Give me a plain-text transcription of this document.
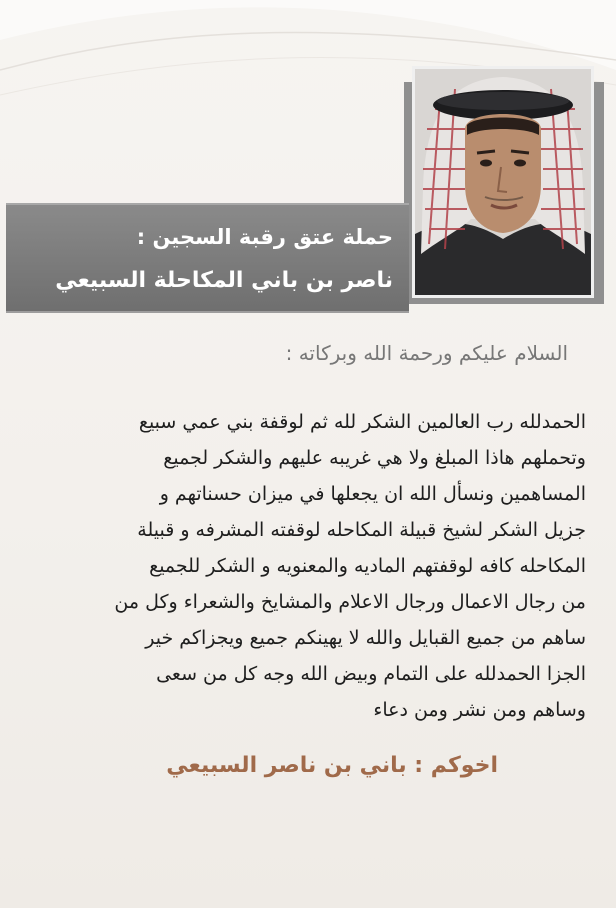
حملة عتق رقبة السجين :
ناصر بن باني المكاحلة السبيعي
السلام عليكم ورحمة الله وبركاته :
الحمدلله رب العالمين الشكر لله ثم لوقفة بني عمي سبيع
وتحملهم هاذا المبلغ ولا هي غريبه عليهم والشكر لجميع
المساهمين ونسأل الله ان يجعلها في ميزان حسناتهم و
جزيل الشكر لشيخ قبيلة المكاحله لوقفته المشرفه و قبيلة
المكاحله كافه لوقفتهم الماديه والمعنويه و الشكر للجميع
من رجال الاعمال ورجال الاعلام والمشايخ والشعراء وكل من
ساهم من جميع القبايل والله لا يهينكم جميع ويجزاكم خير
الجزا الحمدلله على التمام وبيض الله وجه كل من سعى
وساهم ومن نشر ومن دعاء
اخوكم : باني بن ناصر السبيعي
